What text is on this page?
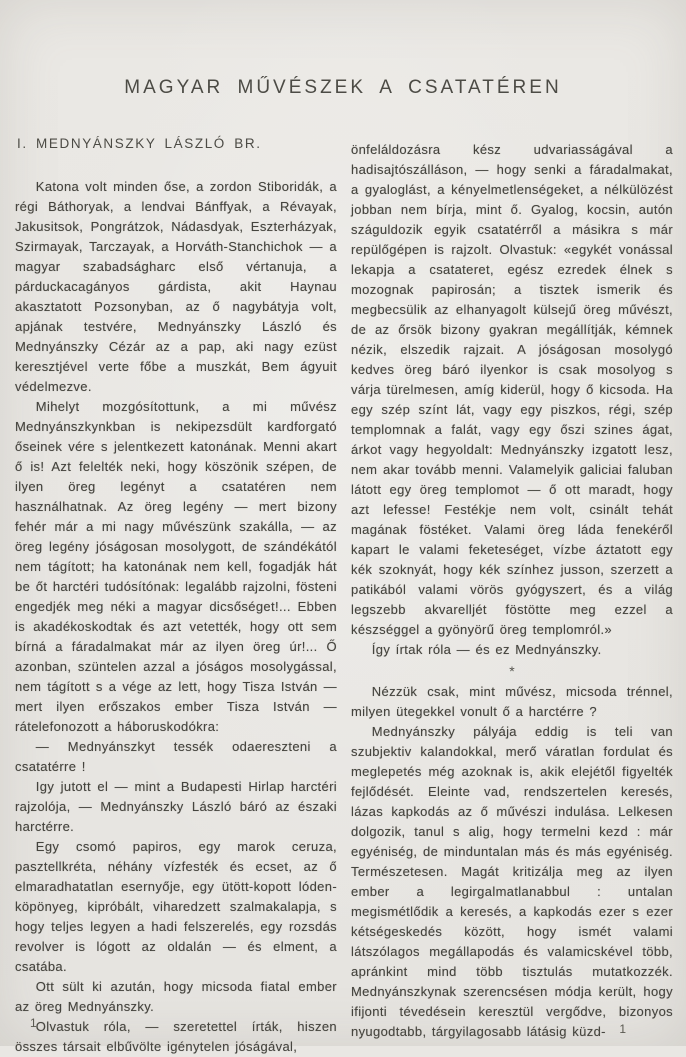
MAGYAR MŰVÉSZEK A CSATATÉREN
I. MEDNYÁNSZKY LÁSZLÓ BR.

Katona volt minden őse, a zordon Stiboridák, a régi Báthoryak, a lendvai Bánffyak, a Révayak, Jakusitsok, Pongrátzok, Nádasdyak, Eszterházyak, Szirmayak, Tarczayak, a Horváth-Stanchichok — a magyar szabadságharc első vértanuja, a párduckacagányos gárdista, akit Haynau akasztatott Pozsonyban, az ő nagybátyja volt, apjának testvére, Mednyánszky László és Mednyánszky Cézár az a pap, aki nagy ezüst keresztjével verte főbe a muszkát, Bem ágyuit védelmezve.

Mihelyt mozgósítottunk, a mi művész Mednyánszkynkban is nekipezsdült kardforgató őseinek vére s jelentkezett katonának. Menni akart ő is! Azt felelték neki, hogy köszönik szépen, de ilyen öreg legényt a csatatéren nem használhatnak. Az öreg legény — mert bizony fehér már a mi nagy művészünk szakálla, — az öreg legény jóságosan mosolygott, de szándékától nem tágított; ha katonának nem kell, fogadják hát be őt harctéri tudósítónak: legalább rajzolni, fösteni engedjék meg néki a magyar dicsőséget!... Ebben is akadékoskodtak és azt vetették, hogy ott sem bírná a fáradalmakat már az ilyen öreg úr!... Ő azonban, szüntelen azzal a jóságos mosolygással, nem tágított s a vége az lett, hogy Tisza István — mert ilyen erőszakos ember Tisza István — rátelefonozott a háboruskodókra:

— Mednyánszkyt tessék odaereszteni a csatatérre !

Igy jutott el — mint a Budapesti Hirlap harctéri rajzolója, — Mednyánszky László báró az északi harctérre.

Egy csomó papiros, egy marok ceruza, pasztellkréta, néhány vízfesték és ecset, az ő elmaradhatatlan esernyője, egy ütött-kopott lóden-köpönyeg, kipróbált, viharedzett szalmakalapja, s hogy teljes legyen a hadi felszerelés, egy rozsdás revolver is lógott az oldalán — és elment, a csatába.

Ott sült ki azután, hogy micsoda fiatal ember az öreg Mednyánszky.

Olvastuk róla, — szeretettel írták, hiszen összes társait elbűvölte igénytelen jóságával,

önfeláldozásra kész udvariasságával a hadisajtószálláson, — hogy senki a fáradalmakat, a gyaloglást, a kényelmetlenségeket, a nélkülözést jobban nem bírja, mint ő. Gyalog, kocsin, autón száguldozik egyik csatatérről a másikra s már repülőgépen is rajzolt. Olvastuk: «egykét vonással lekapja a csatateret, egész ezredek élnek s mozognak papirosán; a tisztek ismerik és megbecsülik az elhanyagolt külsejű öreg művészt, de az őrsök bizony gyakran megállítják, kémnek nézik, elszedik rajzait. A jóságosan mosolygó kedves öreg báró ilyenkor is csak mosolyog s várja türelmesen, amíg kiderül, hogy ő kicsoda. Ha egy szép színt lát, vagy egy piszkos, régi, szép templomnak a falát, vagy egy őszi szines ágat, árkot vagy hegyoldalt: Mednyánszky izgatott lesz, nem akar tovább menni. Valamelyik galiciai faluban látott egy öreg templomot — ő ott maradt, hogy azt lefesse! Festékje nem volt, csinált tehát magának föstéket. Valami öreg láda fenekéről kapart le valami feketeséget, vízbe áztatott egy kék szoknyát, hogy kék színhez jusson, szerzett a patikából valami vörös gyógyszert, és a világ legszebb akvarelljét föstötte meg ezzel a készséggel a gyönyörű öreg templomról.»

Így írtak róla — és ez Mednyánszky.

*

Nézzük csak, mint művész, micsoda trénnel, milyen ütegekkel vonult ő a harctérre ?

Mednyánszky pályája eddig is teli van szubjektiv kalandokkal, merő váratlan fordulat és meglepetés még azoknak is, akik elejétől figyelték fejlődését. Eleinte vad, rendszertelen keresés, lázas kapkodás az ő művészi indulása. Lelkesen dolgozik, tanul s alig, hogy termelni kezd : már egyéniség, de minduntalan más és más egyéniség. Természetesen. Magát kritizálja meg az ilyen ember a legirgalmatlanabbul : untalan megismétlődik a keresés, a kapkodás ezer s ezer kétségeskedés között, hogy ismét valami látszólagos megállapodás és valamicskével több, apránkint mind több tisztulás mutatkozzék. Mednyánszkynak szerencsésen módja került, hogy ifijonti tévedésein keresztül vergődve, bizonyos nyugodtabb, tárgyilagosabb látásig küzd-

1	1
